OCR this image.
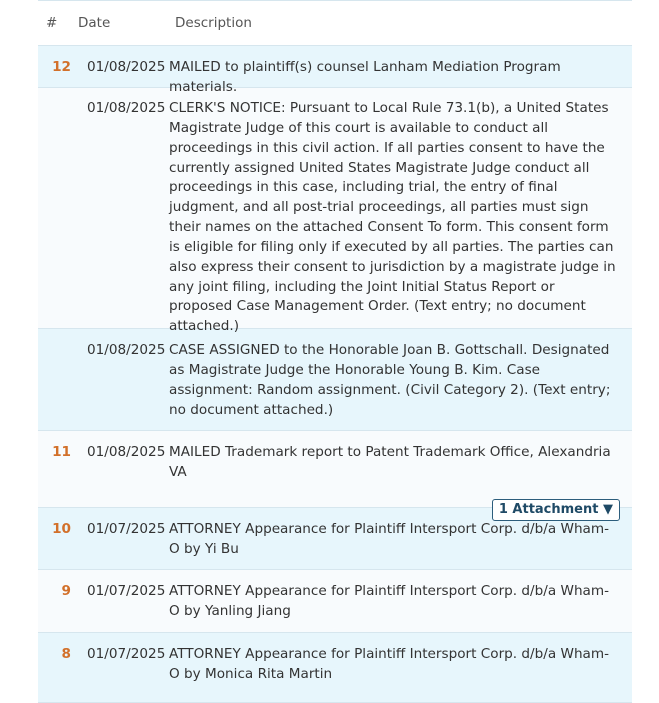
#	Date	Description
12	01/08/2025 MAILED to plaintiff(s) counsel Lanham Mediation Program materials.
01/08/2025 CLERK'S NOTICE: Pursuant to Local Rule 73.1(b), a United States Magistrate Judge of this court is available to conduct all proceedings in this civil action. If all parties consent to have the currently assigned United States Magistrate Judge conduct all proceedings in this case, including trial, the entry of final judgment, and all post-trial proceedings, all parties must sign their names on the attached Consent To form. This consent form is eligible for filing only if executed by all parties. The parties can also express their consent to jurisdiction by a magistrate judge in any joint filing, including the Joint Initial Status Report or proposed Case Management Order. (Text entry; no document attached.)
01/08/2025 CASE ASSIGNED to the Honorable Joan B. Gottschall. Designated as Magistrate Judge the Honorable Young B. Kim. Case assignment: Random assignment. (Civil Category 2). (Text entry; no document attached.)
11	01/08/2025 MAILED Trademark report to Patent Trademark Office, Alexandria VA
1 Attachment ▼
10	01/07/2025 ATTORNEY Appearance for Plaintiff Intersport Corp. d/b/a Wham-O by Yi Bu
9	01/07/2025 ATTORNEY Appearance for Plaintiff Intersport Corp. d/b/a Wham-O by Yanling Jiang
8	01/07/2025 ATTORNEY Appearance for Plaintiff Intersport Corp. d/b/a Wham-O by Monica Rita Martin
